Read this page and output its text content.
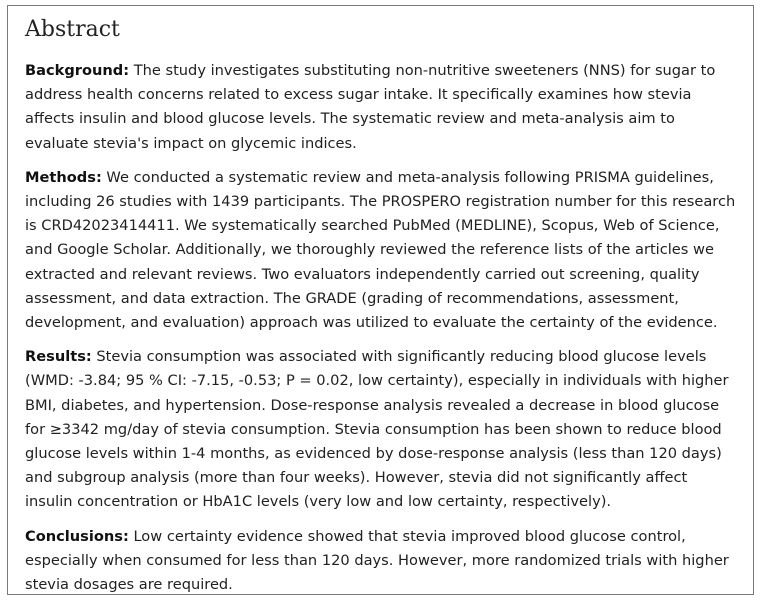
Abstract

Background: The study investigates substituting non-nutritive sweeteners (NNS) for sugar to address health concerns related to excess sugar intake. It specifically examines how stevia affects insulin and blood glucose levels. The systematic review and meta-analysis aim to evaluate stevia's impact on glycemic indices.

Methods: We conducted a systematic review and meta-analysis following PRISMA guidelines, including 26 studies with 1439 participants. The PROSPERO registration number for this research is CRD42023414411. We systematically searched PubMed (MEDLINE), Scopus, Web of Science, and Google Scholar. Additionally, we thoroughly reviewed the reference lists of the articles we extracted and relevant reviews. Two evaluators independently carried out screening, quality assessment, and data extraction. The GRADE (grading of recommendations, assessment, development, and evaluation) approach was utilized to evaluate the certainty of the evidence.

Results: Stevia consumption was associated with significantly reducing blood glucose levels (WMD: -3.84; 95 % CI: -7.15, -0.53; P = 0.02, low certainty), especially in individuals with higher BMI, diabetes, and hypertension. Dose-response analysis revealed a decrease in blood glucose for ≥3342 mg/day of stevia consumption. Stevia consumption has been shown to reduce blood glucose levels within 1-4 months, as evidenced by dose-response analysis (less than 120 days) and subgroup analysis (more than four weeks). However, stevia did not significantly affect insulin concentration or HbA1C levels (very low and low certainty, respectively).

Conclusions: Low certainty evidence showed that stevia improved blood glucose control, especially when consumed for less than 120 days. However, more randomized trials with higher stevia dosages are required.
